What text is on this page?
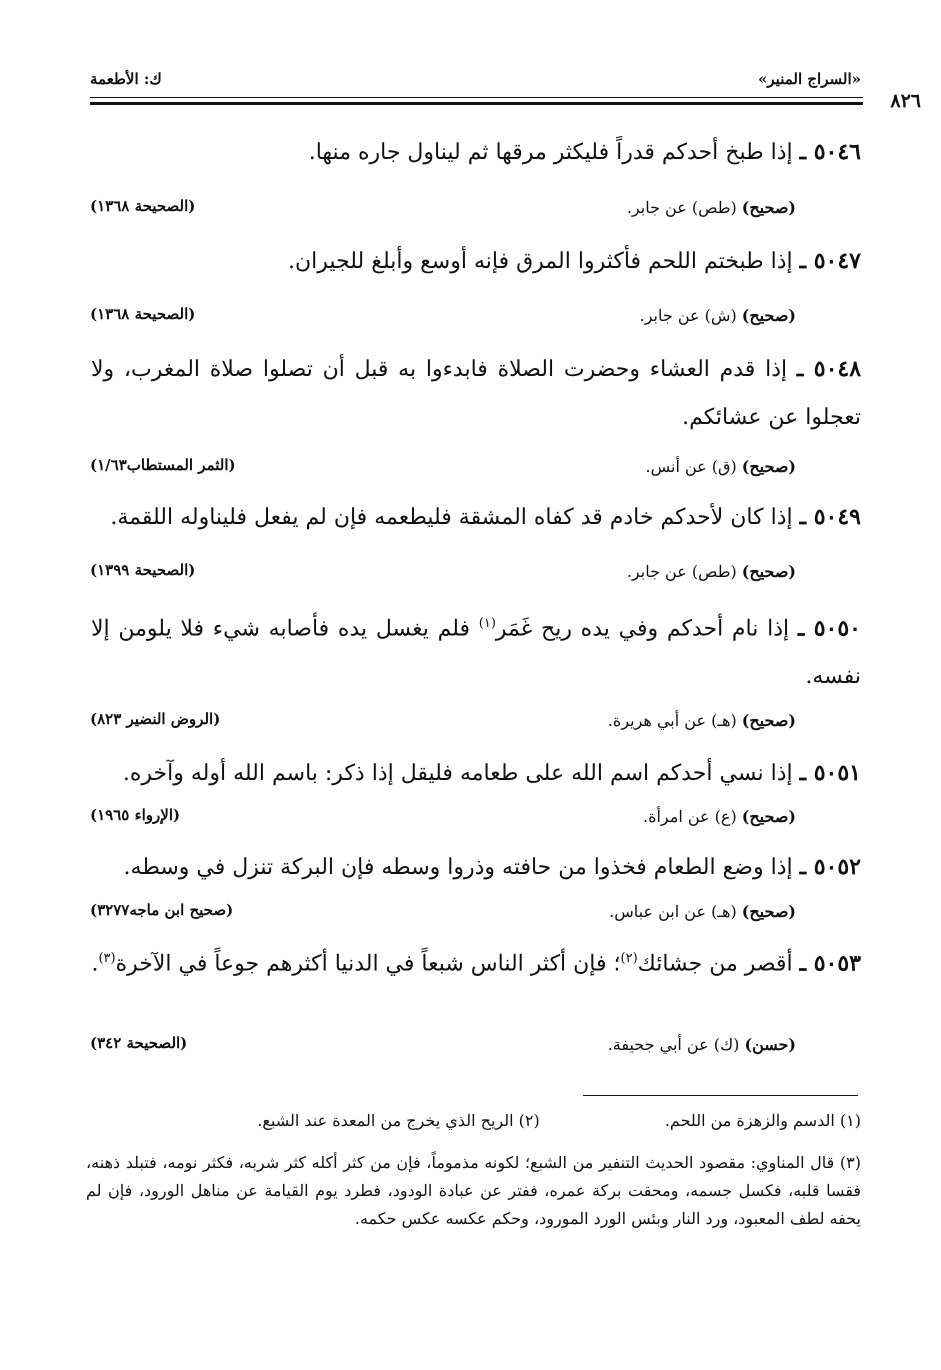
«السراج المنير»
ك: الأطعمة
٨٢٦
٥٠٤٦ ـ إذا طبخ أحدكم قدراً فليكثر مرقها ثم ليناول جاره منها.
(صحيح) (طص) عن جابر.
(الصحيحة ١٣٦٨)
٥٠٤٧ ـ إذا طبختم اللحم فأكثروا المرق فإنه أوسع وأبلغ للجيران.
(صحيح) (ش) عن جابر.
(الصحيحة ١٣٦٨)
٥٠٤٨ ـ إذا قدم العشاء وحضرت الصلاة فابدءوا به قبل أن تصلوا صلاة المغرب، ولا تعجلوا عن عشائكم.
(صحيح) (ق) عن أنس.
(الثمر المستطاب١/٦٣)
٥٠٤٩ ـ إذا كان لأحدكم خادم قد كفاه المشقة فليطعمه فإن لم يفعل فليناوله اللقمة.
(صحيح) (طص) عن جابر.
(الصحيحة ١٣٩٩)
٥٠٥٠ ـ إذا نام أحدكم وفي يده ريح غَمَر$^{(١)}$ فلم يغسل يده فأصابه شيء فلا يلومن إلا نفسه.
(صحيح) (هـ) عن أبي هريرة.
(الروض النضير ٨٢٣)
٥٠٥١ ـ إذا نسي أحدكم اسم الله على طعامه فليقل إذا ذكر: باسم الله أوله وآخره.
(صحيح) (ع) عن امرأة.
(الإرواء ١٩٦٥)
٥٠٥٢ ـ إذا وضع الطعام فخذوا من حافته وذروا وسطه فإن البركة تنزل في وسطه.
(صحيح) (هـ) عن ابن عباس.
(صحيح ابن ماجه٣٢٧٧)
٥٠٥٣ ـ أقصر من جشائك$^{(٢)}$؛ فإن أكثر الناس شبعاً في الدنيا أكثرهم جوعاً في الآخرة$^{(٣)}$.
(حسن) (ك) عن أبي جحيفة.
(الصحيحة ٣٤٢)
(١) الدسم والزهزة من اللحم. (٢) الريح الذي يخرج من المعدة عند الشبع.
(٣) قال المناوي: مقصود الحديث التنفير من الشبع؛ لكونه مذموماً، فإن من كثر أكله كثر شربه، فكثر نومه، فتبلد ذهنه، فقسا قلبه، فكسل جسمه، ومحقت بركة عمره، ففتر عن عبادة الودود، فطرد يوم القيامة عن مناهل الورود، فإن لم يحفه لطف المعبود، ورد النار وبئس الورد المورود، وحكم عكسه عكس حكمه.
